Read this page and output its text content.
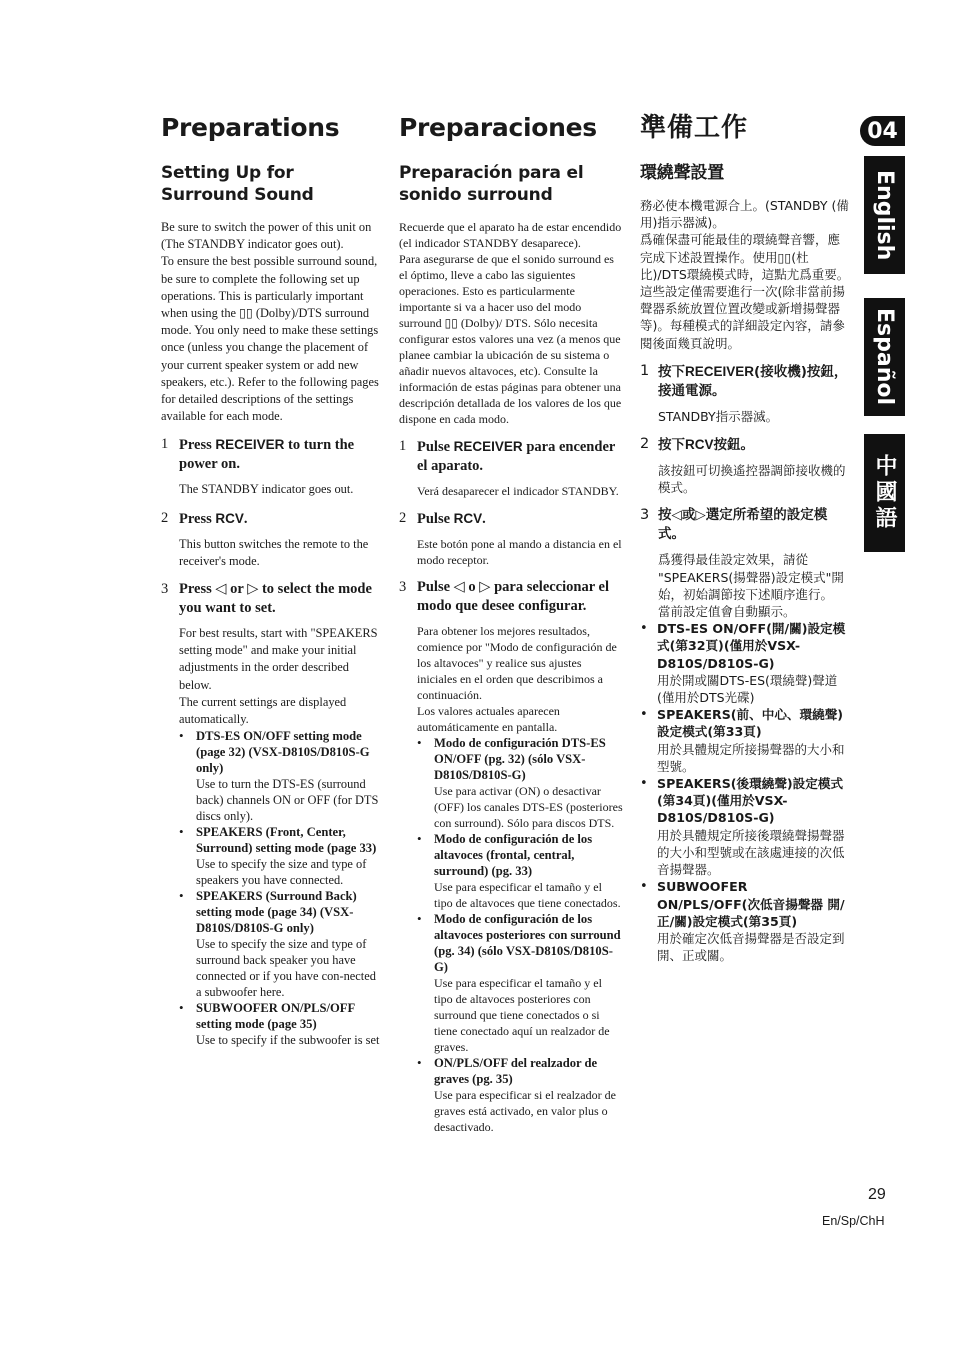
Preparations
Setting Up for Surround Sound

Be sure to switch the power of this unit on (The STANDBY indicator goes out).

To ensure the best possible surround sound, be sure to complete the following set up operations. This is particularly important when using the ▯▯ (Dolby)/DTS surround mode. You only need to make these settings once (unless you change the placement of your current speaker system or add new speakers, etc.). Refer to the following pages for detailed descriptions of the settings available for each mode.

1 Press RECEIVER to turn the power on.
The STANDBY indicator goes out.
2 Press RCV.
This button switches the remote to the receiver's mode.
3 Press ◁ or ▷ to select the mode you want to set.
For best results, start with "SPEAKERS setting mode" and make your initial adjustments in the order described below.
The current settings are displayed automatically.
• DTS-ES ON/OFF setting mode (page 32) (VSX-D810S/D810S-G only)
Use to turn the DTS-ES (surround back) channels ON or OFF (for DTS discs only).
• SPEAKERS (Front, Center, Surround) setting mode (page 33)
Use to specify the size and type of speakers you have connected.
• SPEAKERS (Surround Back) setting mode (page 34) (VSX-D810S/D810S-G only)
Use to specify the size and type of surround back speaker you have connected or if you have con-nected a subwoofer here.
• SUBWOOFER ON/PLS/OFF setting mode (page 35)
Use to specify if the subwoofer is set
Preparaciones
Preparación para el sonido surround

Recuerde que el aparato ha de estar encendido (el indicador STANDBY desaparece).

Para asegurarse de que el sonido surround es el óptimo, lleve a cabo las siguientes operaciones. Esto es particularmente importante si va a hacer uso del modo surround ▯▯ (Dolby)/ DTS. Sólo necesita configurar estos valores una vez (a menos que planee cambiar la ubicación de su sistema o añadir nuevos altavoces, etc). Consulte la información de estas páginas para obtener una descripción detallada de los valores de los que dispone en cada modo.

1 Pulse RECEIVER para encender el aparato.
Verá desaparecer el indicador STANDBY.
2 Pulse RCV.
Este botón pone al mando a distancia en el modo receptor.
3 Pulse ◁ o ▷ para seleccionar el modo que desee configurar.
Para obtener los mejores resultados, comience por "Modo de configuración de los altavoces" y realice sus ajustes iniciales en el orden que describimos a continuación.
Los valores actuales aparecen automáticamente en pantalla.
• Modo de configuración DTS-ES ON/OFF (pg. 32) (sólo VSX-D810S/D810S-G)
Use para activar (ON) o desactivar (OFF) los canales DTS-ES (posteriores con surround). Sólo para discos DTS.
• Modo de configuración de los altavoces (frontal, central, surround) (pg. 33)
Use para especificar el tamaño y el tipo de altavoces que tiene conectados.
• Modo de configuración de los altavoces posteriores con surround (pg. 34) (sólo VSX-D810S/D810S-G)
Use para especificar el tamaño y el tipo de altavoces posteriores con surround que tiene conectados o si tiene conectado aquí un realzador de graves.
• ON/PLS/OFF del realzador de graves (pg. 35)
Use para especificar si el realzador de graves está activado, en valor plus o desactivado.
準備工作
環繞聲設置

務必使本機電源合上。(STANDBY (備用)指示器滅)。

爲確保盡可能最佳的環繞聲音響，應完成下述設置操作。使用▯▯(杜比)/DTS環繞模式時，這點尤爲重要。這些設定僅需要進行一次(除非當前揚聲器系統放置位置改變或新增揚聲器等)。每種模式的詳細設定內容，請參閱後面幾頁說明。

1 按下RECEIVER(接收機)按鈕，接通電源。
STANDBY指示器滅。
2 按下RCV按鈕。
該按鈕可切換遙控器調節接收機的模式。
3 按◁或▷選定所希望的設定模式。
爲獲得最佳設定效果，請從 "SPEAKERS(揚聲器)設定模式"開始，初始調節按下述順序進行。
當前設定值會自動顯示。
• DTS-ES ON/OFF(開/關)設定模式(第32頁)(僅用於VSX-D810S/D810S-G)
用於開或關DTS-ES(環繞聲)聲道(僅用於DTS光碟)
• SPEAKERS(前、中心、環繞聲)設定模式(第33頁)
用於具體規定所接揚聲器的大小和型號。
• SPEAKERS(後環繞聲)設定模式(第34頁)(僅用於VSX-D810S/D810S-G)
用於具體規定所接後環繞聲揚聲器的大小和型號或在該處連接的次低音揚聲器。
• SUBWOOFER ON/PLS/OFF(次低音揚聲器 開/正/關)設定模式(第35頁)
用於確定次低音揚聲器是否設定到開、正或關。
04
English
Español
中國語
29
En/Sp/ChH
